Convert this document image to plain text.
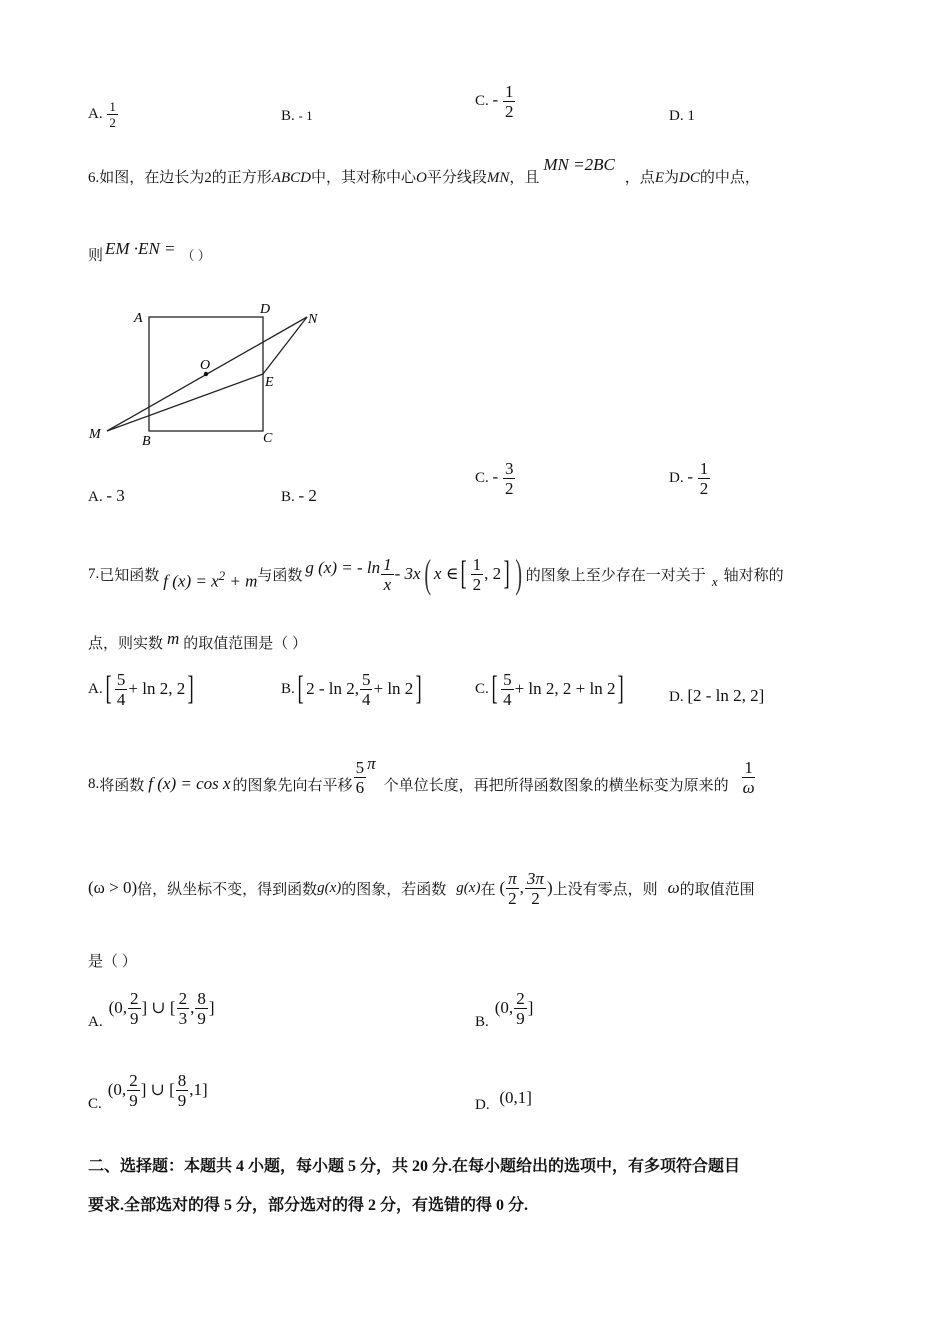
A. $\frac{1}{2}$	B. - 1
C. - $\frac{1}{2}$	D. 1
6.如图，在边长为2的正方形ABCD中，其对称中心O平分线段MN，且MN =2BC，点E为DC的中点，
则 EM ·EN = （ ）
A
B	C
D
E
M
N
O
A. - 3	B. - 2
C. - $\frac{3}{2}$	D. - $\frac{1}{2}$
7. 已知函数 f $(x) = x^2 + m$ 与函数 g (x) = - $\ln \frac{1}{x} - 3x$ ( x ∈ [ $\frac{1}{2}$ , 2 ] ) 的图象上至少存在一对关于 x 轴对称的
点，则实数 m 的取值范围是（ ）
A. [ $\frac{5}{4} + \ln 2$, 2 ]	B. [ 2 - ln 2, $\frac{5}{4} + \ln 2$ ]	C. [ $\frac{5}{4} + \ln 2$, 2 + ln 2 ]	D. [2 - ln 2, 2]
8. 将函数 f (x) = cos x 的图象先向右平移 $\frac{5}{6}$ π
个单位长度，再把所得函数图象的横坐标变为原来的 $\frac{1}{\omega}$
(ω > 0) 倍，纵坐标不变，得到函数 g(x) 的图象，若函数 g(x) 在 ( $\frac{\pi}{2}$ , $\frac{3\pi}{2}$ ) 上没有零点，则 ω 的取值范围
是（ ）
A.
(0, $\frac{2}{9}$ ] ∪ [ $\frac{2}{3}$ , $\frac{8}{9}$ ]
B.
(0, $\frac{2}{9}$ ]
C.
(0, $\frac{2}{9}$ ] ∪ [ $\frac{8}{9} ,1$]
D. (0,1]
二、选择题：本题共 4 小题，每小题 5 分，共 20 分.在每小题给出的选项中，有多项符合题目
要求.全部选对的得 5 分，部分选对的得 2 分，有选错的得 0 分.
